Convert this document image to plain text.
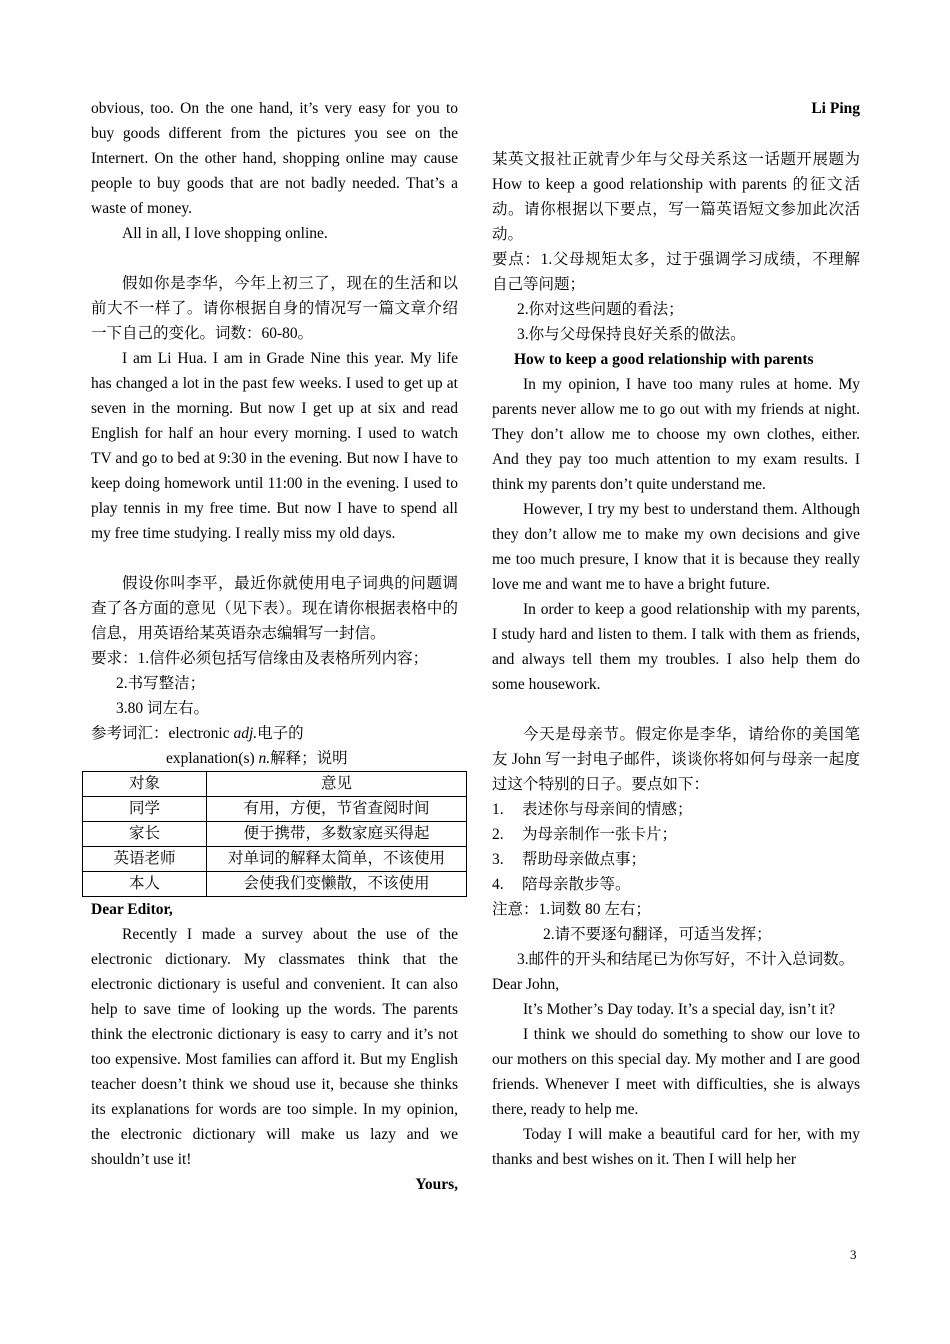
obvious, too. On the one hand, it’s very easy for you to buy goods different from the pictures you see on the Internert. On the other hand, shopping online may cause people to buy goods that are not badly needed. That’s a waste of money.

All in all, I love shopping online.

假如你是李华，今年上初三了，现在的生活和以前大不一样了。请你根据自身的情况写一篇文章介绍一下自己的变化。词数：60-80。

I am Li Hua. I am in Grade Nine this year. My life has changed a lot in the past few weeks. I used to get up at seven in the morning. But now I get up at six and read English for half an hour every morning. I used to watch TV and go to bed at 9:30 in the evening. But now I have to keep doing homework until 11:00 in the evening. I used to play tennis in my free time. But now I have to spend all my free time studying. I really miss my old days.

假设你叫李平，最近你就使用电子词典的问题调查了各方面的意见（见下表）。现在请你根据表格中的信息，用英语给某英语杂志编辑写一封信。

要求：1.信件必须包括写信缘由及表格所列内容；

2.书写整洁；

3.80 词左右。

参考词汇：electronic adj.电子的

explanation(s) n.解释；说明

对象	意见
同学	有用，方便，节省查阅时间
家长	便于携带，多数家庭买得起
英语老师	对单词的解释太简单，不该使用
本人	会使我们变懒散，不该使用

Dear Editor,

Recently I made a survey about the use of the electronic dictionary. My classmates think that the electronic dictionary is useful and convenient. It can also help to save time of looking up the words. The parents think the electronic dictionary is easy to carry and it’s not too expensive. Most families can afford it. But my English teacher doesn’t think we shoud use it, because she thinks its explanations for words are too simple. In my opinion, the electronic dictionary will make us lazy and we shouldn’t use it!

Yours,

Li Ping

某英文报社正就青少年与父母关系这一话题开展题为 How to keep a good relationship with parents 的征文活动。请你根据以下要点，写一篇英语短文参加此次活动。

要点：1.父母规矩太多，过于强调学习成绩，不理解自己等问题；

2.你对这些问题的看法；

3.你与父母保持良好关系的做法。

How to keep a good relationship with parents

In my opinion, I have too many rules at home. My parents never allow me to go out with my friends at night. They don’t allow me to choose my own clothes, either. And they pay too much attention to my exam results. I think my parents don’t quite understand me.

However, I try my best to understand them. Although they don’t allow me to make my own decisions and give me too much presure, I know that it is because they really love me and want me to have a bright future.

In order to keep a good relationship with my parents, I study hard and listen to them. I talk with them as friends, and always tell them my troubles. I also help them do some housework.

今天是母亲节。假定你是李华，请给你的美国笔友 John 写一封电子邮件，谈谈你将如何与母亲一起度过这个特别的日子。要点如下：

1. 表述你与母亲间的情感；
2. 为母亲制作一张卡片；
3. 帮助母亲做点事；
4. 陪母亲散步等。

注意：1.词数 80 左右；

2.请不要逐句翻译，可适当发挥；

3.邮件的开头和结尾已为你写好，不计入总词数。

Dear John,

It’s Mother’s Day today. It’s a special day, isn’t it?

I think we should do something to show our love to our mothers on this special day. My mother and I are good friends. Whenever I meet with difficulties, she is always there, ready to help me.

Today I will make a beautiful card for her, with my thanks and best wishes on it. Then I will help her

3
